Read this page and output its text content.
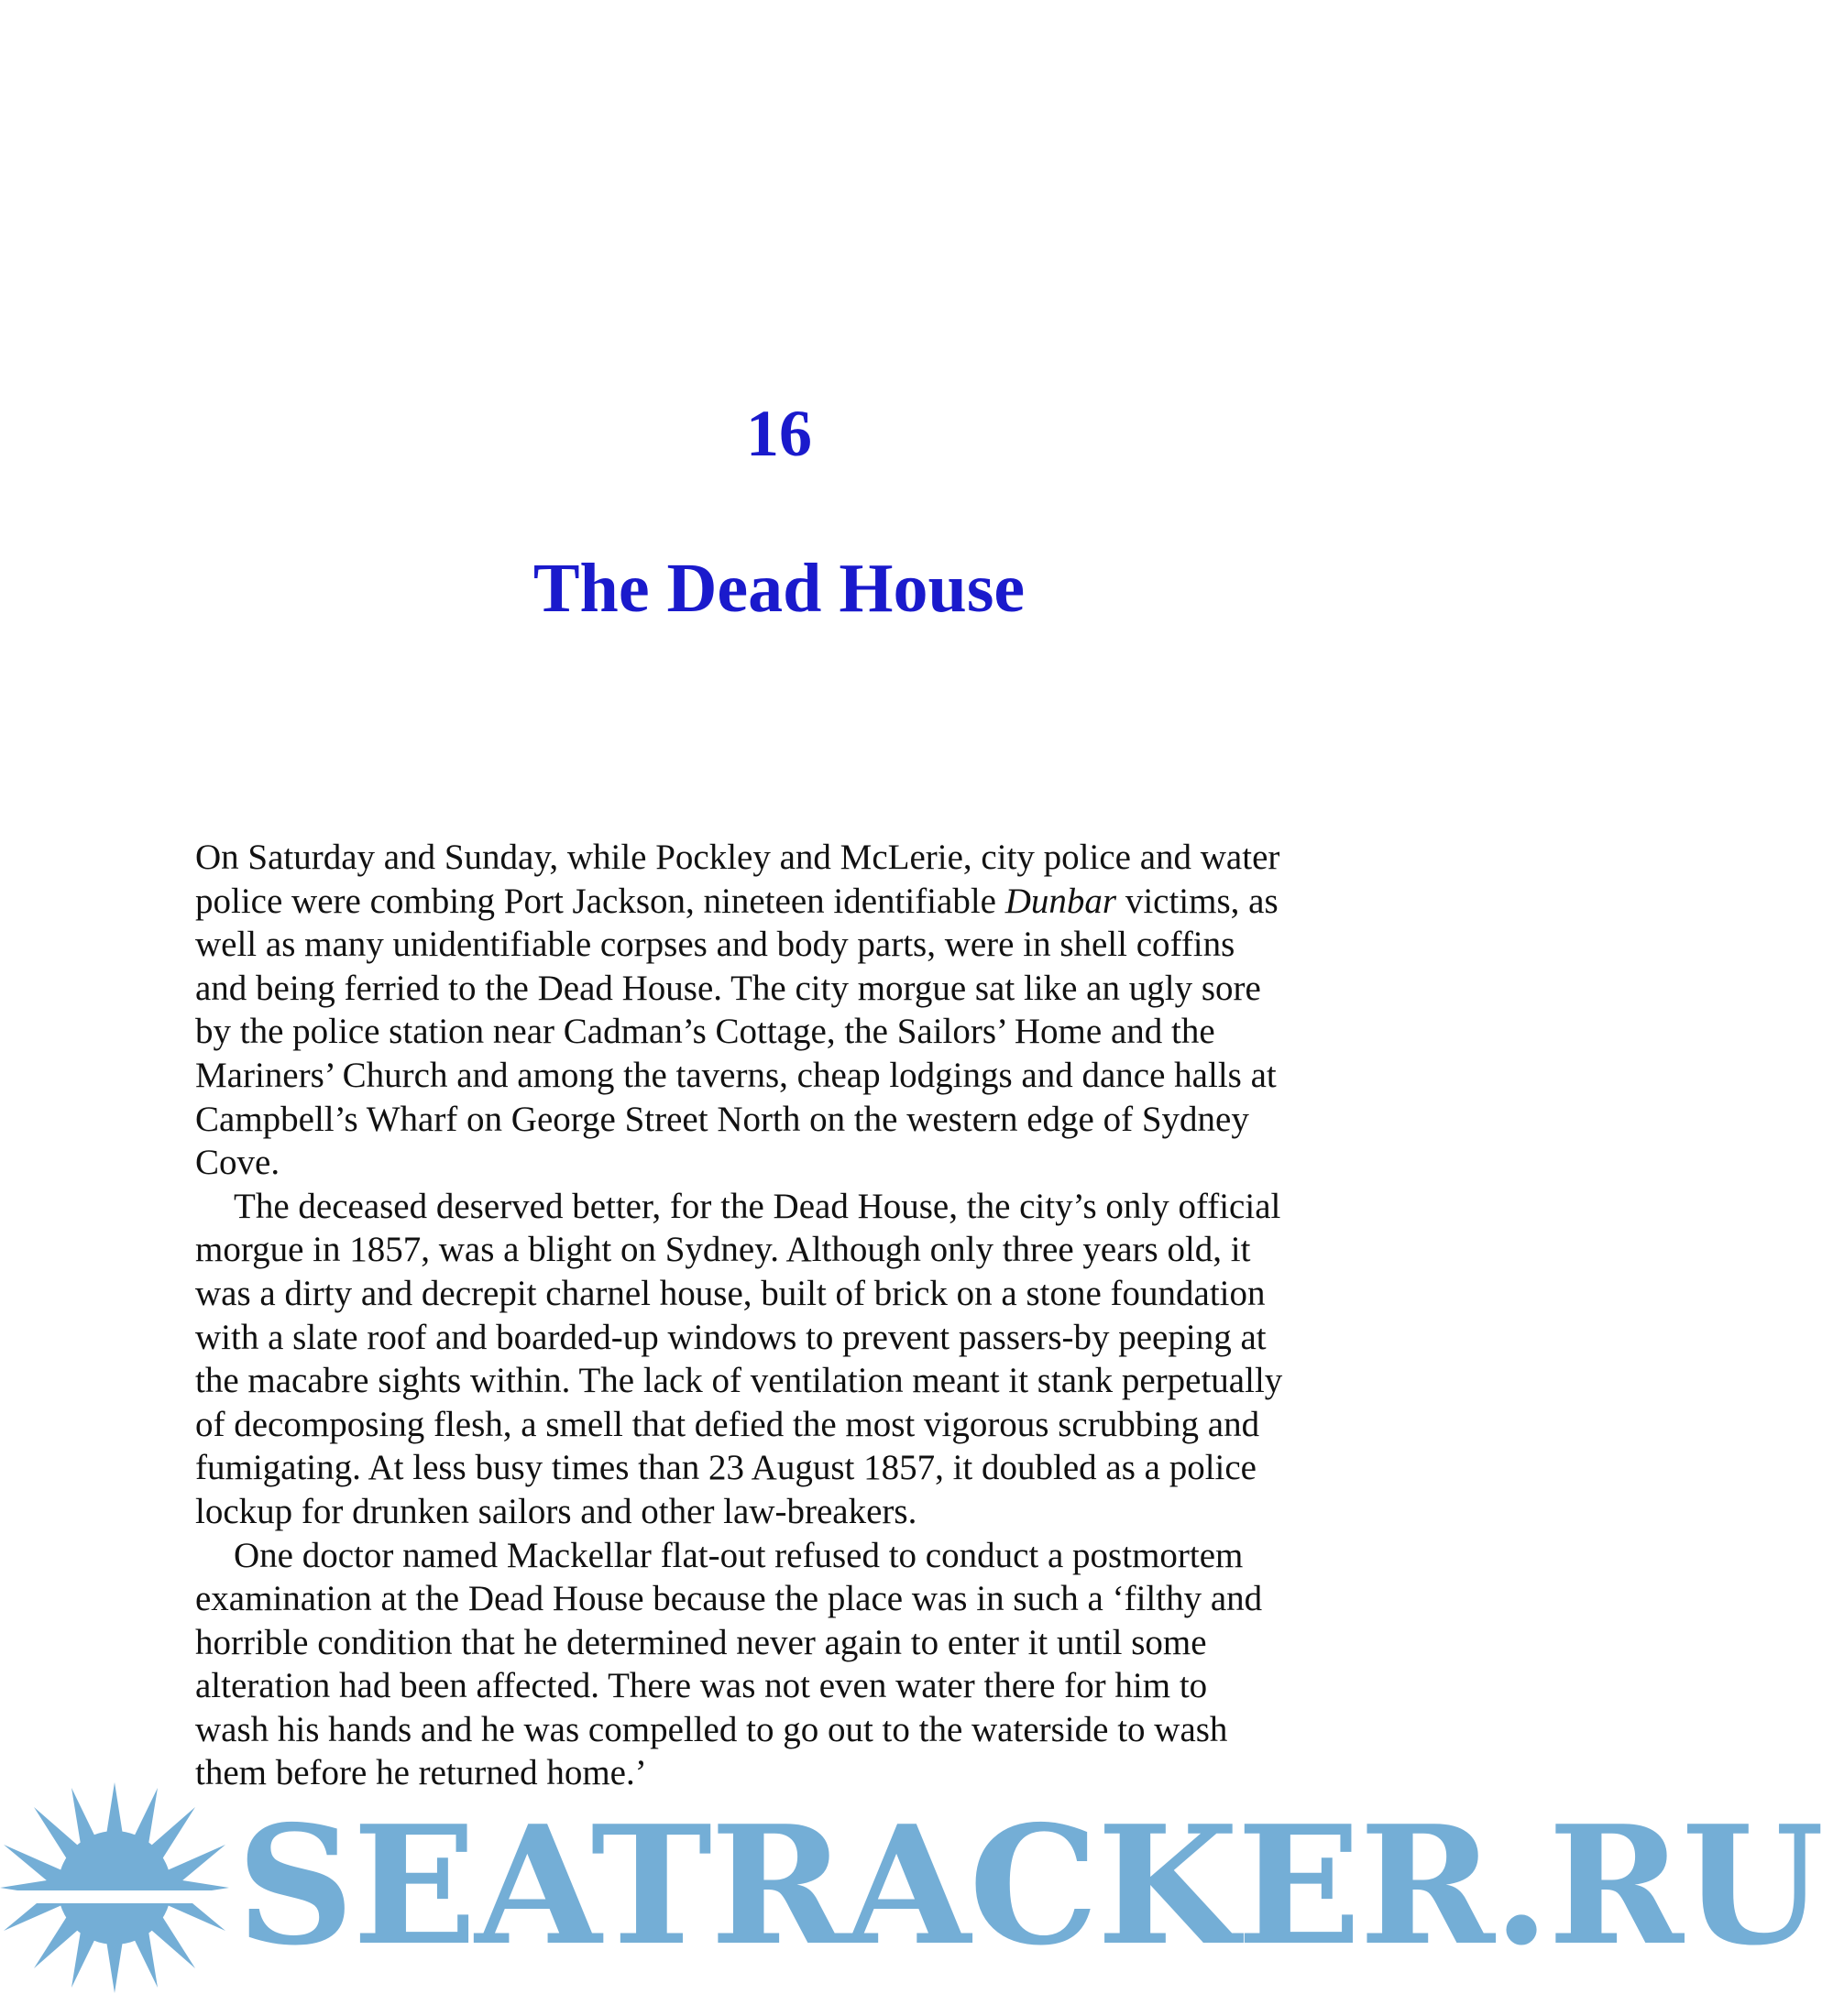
16
The Dead House

On Saturday and Sunday, while Pockley and McLerie, city police and water
police were combing Port Jackson, nineteen identifiable Dunbar victims, as
well as many unidentifiable corpses and body parts, were in shell coffins
and being ferried to the Dead House. The city morgue sat like an ugly sore
by the police station near Cadman’s Cottage, the Sailors’ Home and the
Mariners’ Church and among the taverns, cheap lodgings and dance halls at
Campbell’s Wharf on George Street North on the western edge of Sydney
Cove.

The deceased deserved better, for the Dead House, the city’s only official
morgue in 1857, was a blight on Sydney. Although only three years old, it
was a dirty and decrepit charnel house, built of brick on a stone foundation
with a slate roof and boarded-up windows to prevent passers-by peeping at
the macabre sights within. The lack of ventilation meant it stank perpetually
of decomposing flesh, a smell that defied the most vigorous scrubbing and
fumigating. At less busy times than 23 August 1857, it doubled as a police
lockup for drunken sailors and other law-breakers.

One doctor named Mackellar flat-out refused to conduct a postmortem
examination at the Dead House because the place was in such a ‘filthy and
horrible condition that he determined never again to enter it until some
alteration had been affected. There was not even water there for him to
wash his hands and he was compelled to go out to the waterside to wash
them before he returned home.’

SEATRACKER.RU
